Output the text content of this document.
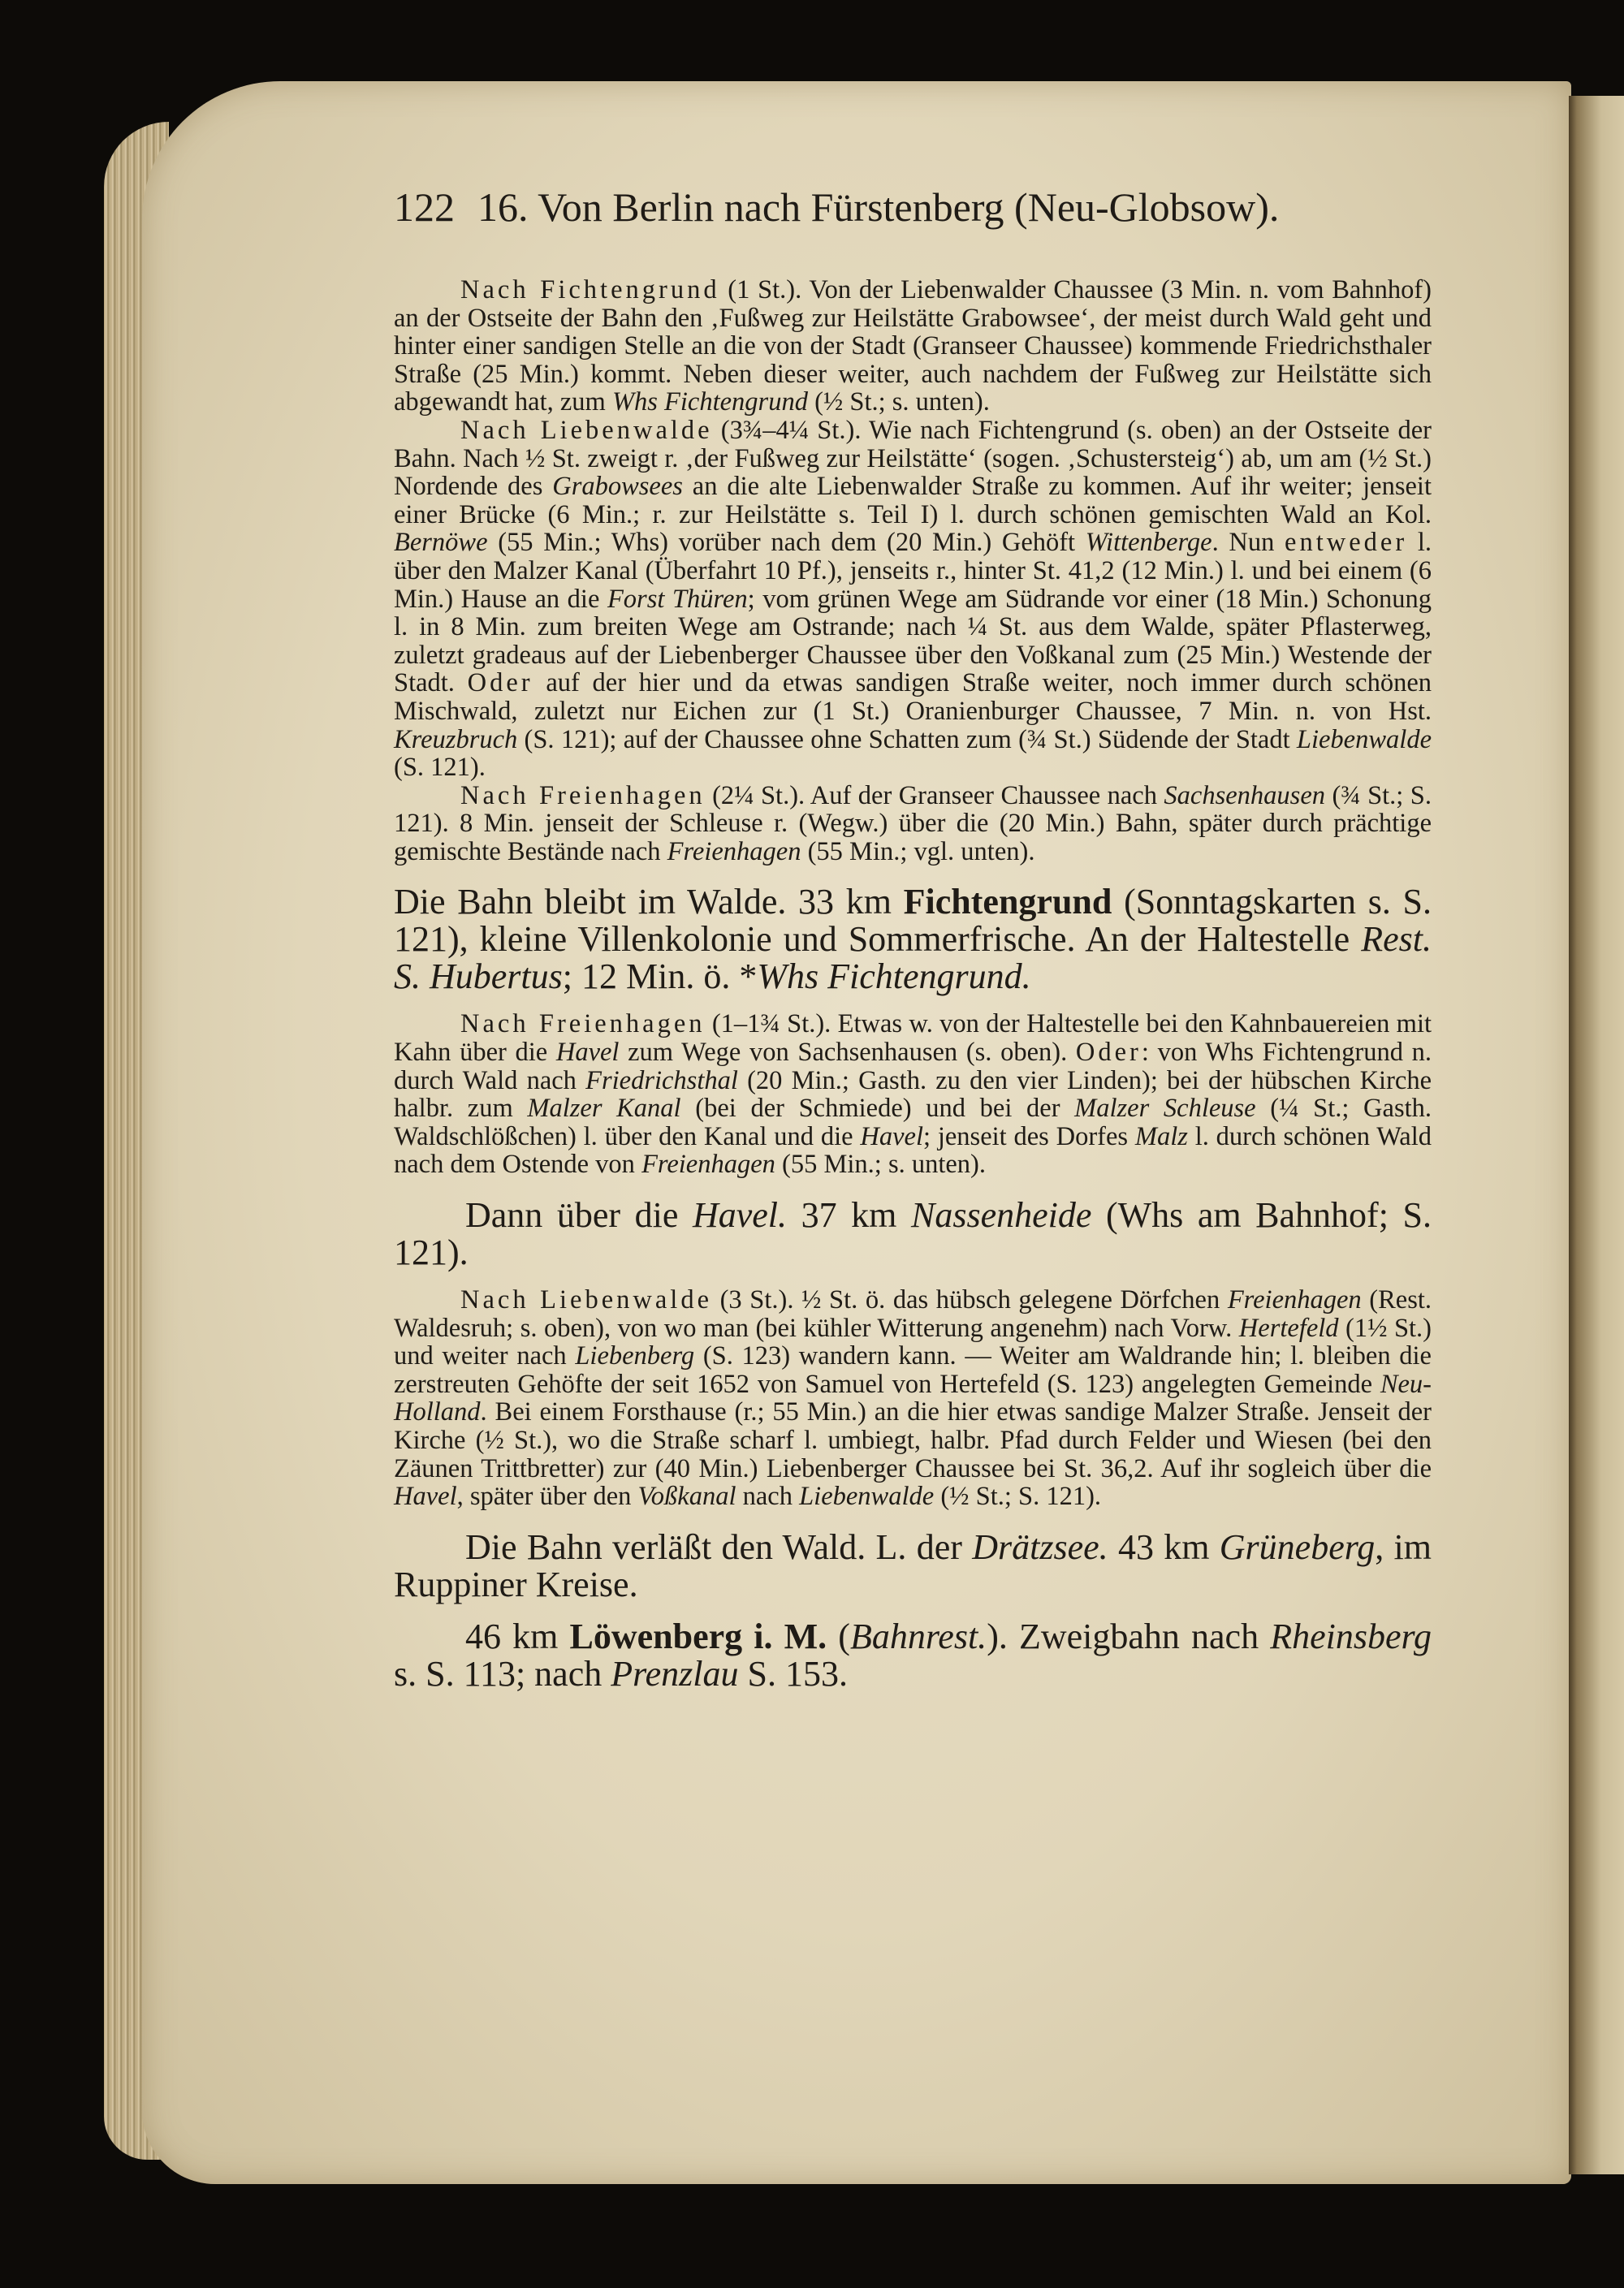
122 16. Von Berlin nach Fürstenberg (Neu-Globsow).

Nach Fichtengrund (1 St.). Von der Liebenwalder Chaussee (3 Min. n. vom Bahnhof) an der Ostseite der Bahn den ‚Fußweg zur Heilstätte Grabowsee‘, der meist durch Wald geht und hinter einer sandigen Stelle an die von der Stadt (Granseer Chaussee) kommende Friedrichsthaler Straße (25 Min.) kommt. Neben dieser weiter, auch nachdem der Fußweg zur Heilstätte sich abgewandt hat, zum Whs Fichtengrund (½ St.; s. unten).

Nach Liebenwalde (3¾–4¼ St.). Wie nach Fichtengrund (s. oben) an der Ostseite der Bahn. Nach ½ St. zweigt r. ‚der Fußweg zur Heilstätte‘ (sogen. ‚Schustersteig‘) ab, um am (½ St.) Nordende des Grabowsees an die alte Liebenwalder Straße zu kommen. Auf ihr weiter; jenseit einer Brücke (6 Min.; r. zur Heilstätte s. Teil I) l. durch schönen gemischten Wald an Kol. Bernöwe (55 Min.; Whs) vorüber nach dem (20 Min.) Gehöft Wittenberge. Nun entweder l. über den Malzer Kanal (Überfahrt 10 Pf.), jenseits r., hinter St. 41,2 (12 Min.) l. und bei einem (6 Min.) Hause an die Forst Thüren; vom grünen Wege am Südrande vor einer (18 Min.) Schonung l. in 8 Min. zum breiten Wege am Ostrande; nach ¼ St. aus dem Walde, später Pflasterweg, zuletzt gradeaus auf der Liebenberger Chaussee über den Voßkanal zum (25 Min.) Westende der Stadt. Oder auf der hier und da etwas sandigen Straße weiter, noch immer durch schönen Mischwald, zuletzt nur Eichen zur (1 St.) Oranienburger Chaussee, 7 Min. n. von Hst. Kreuzbruch (S. 121); auf der Chaussee ohne Schatten zum (¾ St.) Südende der Stadt Liebenwalde (S. 121).

Nach Freienhagen (2¼ St.). Auf der Granseer Chaussee nach Sachsenhausen (¾ St.; S. 121). 8 Min. jenseit der Schleuse r. (Wegw.) über die (20 Min.) Bahn, später durch prächtige gemischte Bestände nach Freienhagen (55 Min.; vgl. unten).

Die Bahn bleibt im Walde. 33 km Fichtengrund (Sonntagskarten s. S. 121), kleine Villenkolonie und Sommerfrische. An der Haltestelle Rest. S. Hubertus; 12 Min. ö. *Whs Fichtengrund.

Nach Freienhagen (1–1¾ St.). Etwas w. von der Haltestelle bei den Kahnbauereien mit Kahn über die Havel zum Wege von Sachsenhausen (s. oben). Oder: von Whs Fichtengrund n. durch Wald nach Friedrichsthal (20 Min.; Gasth. zu den vier Linden); bei der hübschen Kirche halbr. zum Malzer Kanal (bei der Schmiede) und bei der Malzer Schleuse (¼ St.; Gasth. Waldschlößchen) l. über den Kanal und die Havel; jenseit des Dorfes Malz l. durch schönen Wald nach dem Ostende von Freienhagen (55 Min.; s. unten).

Dann über die Havel. 37 km Nassenheide (Whs am Bahnhof; S. 121).

Nach Liebenwalde (3 St.). ½ St. ö. das hübsch gelegene Dörfchen Freienhagen (Rest. Waldesruh; s. oben), von wo man (bei kühler Witterung angenehm) nach Vorw. Hertefeld (1½ St.) und weiter nach Liebenberg (S. 123) wandern kann. — Weiter am Waldrande hin; l. bleiben die zerstreuten Gehöfte der seit 1652 von Samuel von Hertefeld (S. 123) angelegten Gemeinde Neu-Holland. Bei einem Forsthause (r.; 55 Min.) an die hier etwas sandige Malzer Straße. Jenseit der Kirche (½ St.), wo die Straße scharf l. umbiegt, halbr. Pfad durch Felder und Wiesen (bei den Zäunen Trittbretter) zur (40 Min.) Liebenberger Chaussee bei St. 36,2. Auf ihr sogleich über die Havel, später über den Voßkanal nach Liebenwalde (½ St.; S. 121).

Die Bahn verläßt den Wald. L. der Drätzsee. 43 km Grüneberg, im Ruppiner Kreise.

46 km Löwenberg i. M. (Bahnrest.). Zweigbahn nach Rheinsberg s. S. 113; nach Prenzlau S. 153.
